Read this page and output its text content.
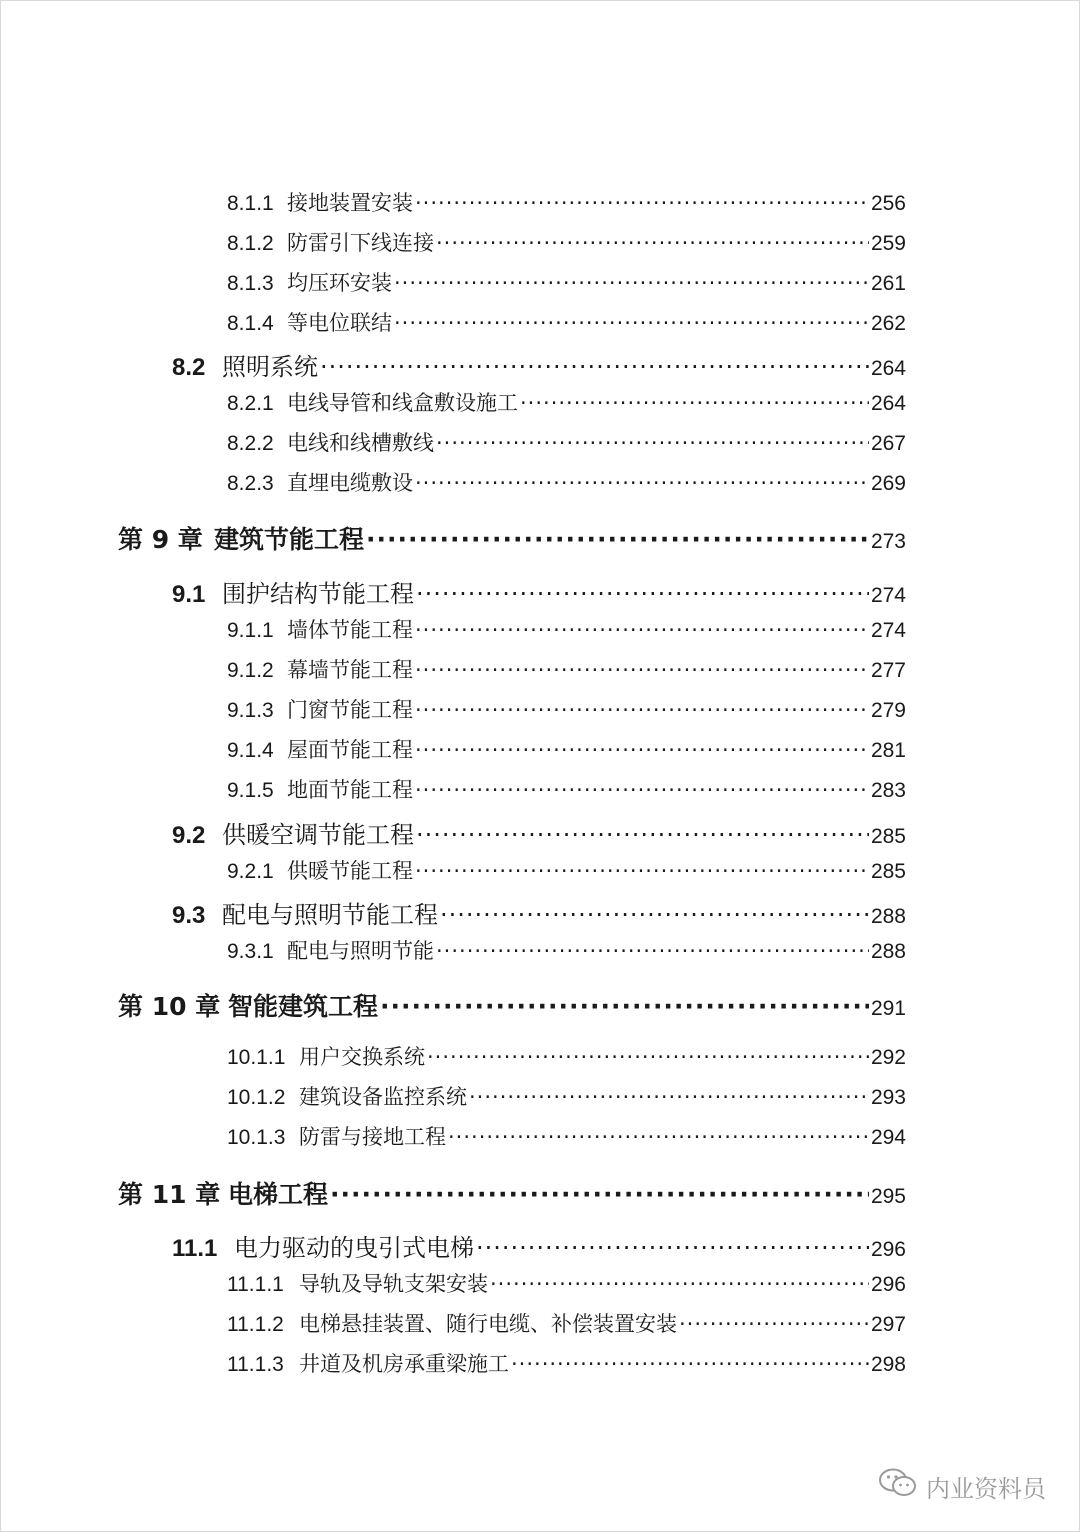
8.1.1 接地装置安装 ·····	256
8.1.2 防雷引下线连接 ·····	259
8.1.3 均压环安装 ·····	261
8.1.4 等电位联结 ·····	262
8.2 照明系统 ·····	264
8.2.1 电线导管和线盒敷设施工 ·····	264
8.2.2 电线和线槽敷线 ·····	267
8.2.3 直埋电缆敷设 ·····	269
第 9 章 建筑节能工程 ·····	273
9.1 围护结构节能工程 ·····	274
9.1.1 墙体节能工程 ·····	274
9.1.2 幕墙节能工程 ·····	277
9.1.3 门窗节能工程 ·····	279
9.1.4 屋面节能工程 ·····	281
9.1.5 地面节能工程 ·····	283
9.2 供暖空调节能工程 ·····	285
9.2.1 供暖节能工程 ·····	285
9.3 配电与照明节能工程 ·····	288
9.3.1 配电与照明节能 ·····	288
第 10 章 智能建筑工程 ·····	291
10.1.1 用户交换系统 ·····	292
10.1.2 建筑设备监控系统 ·····	293
10.1.3 防雷与接地工程 ·····	294
第 11 章 电梯工程 ·····	295
11.1 电力驱动的曳引式电梯 ·····	296
11.1.1 导轨及导轨支架安装 ·····	296
11.1.2 电梯悬挂装置、随行电缆、补偿装置安装 ·····	297
11.1.3 井道及机房承重梁施工 ·····	298
内业资料员
